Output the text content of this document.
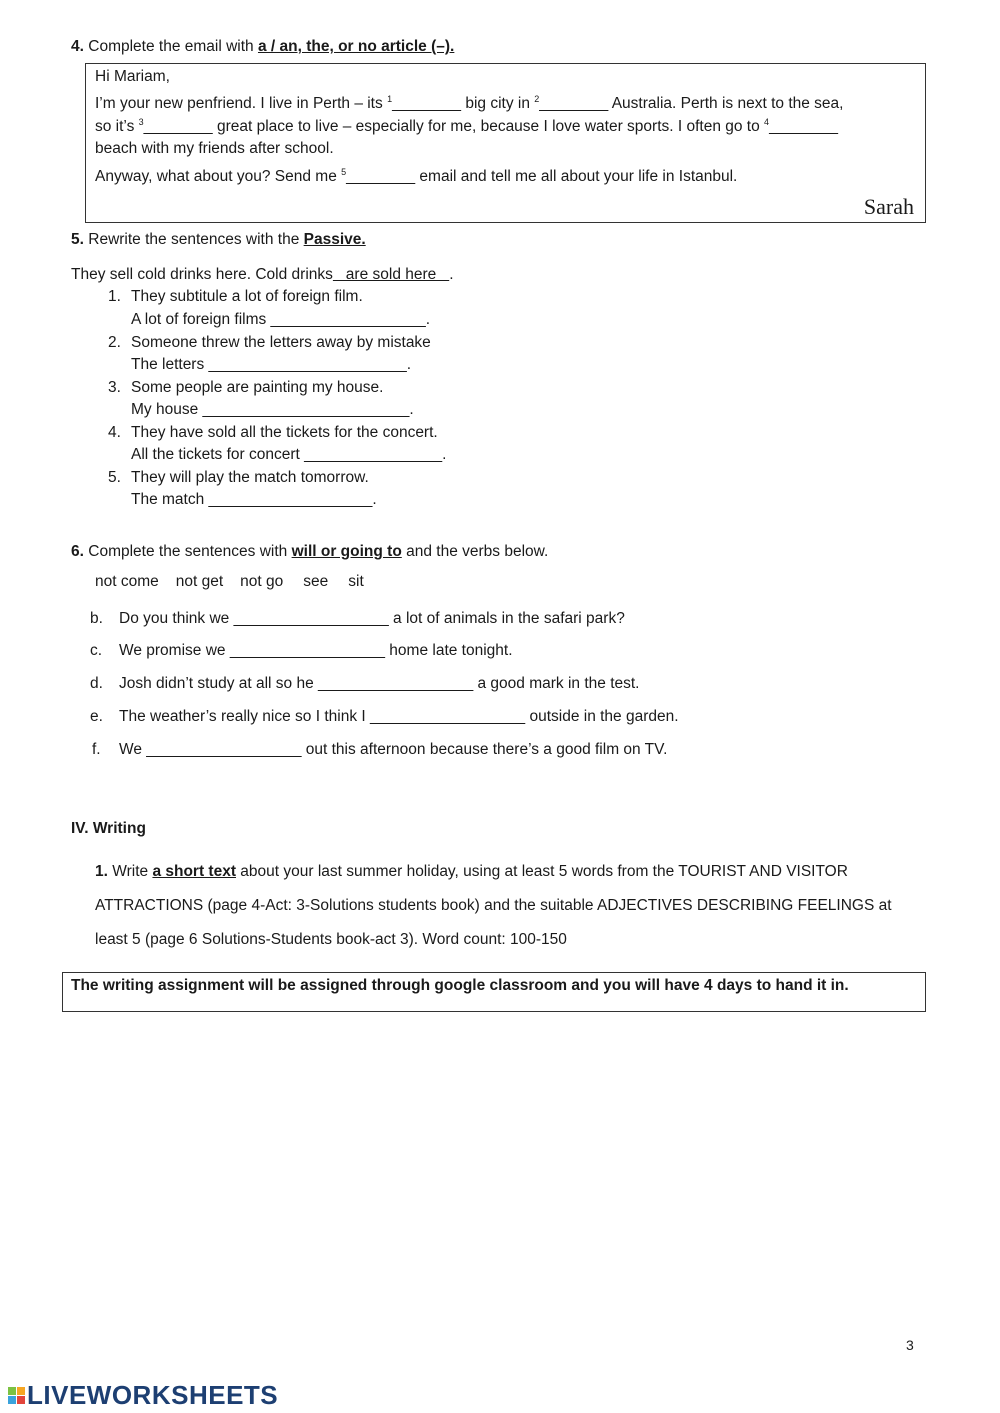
4. Complete the email with a / an, the, or no article (–).
Hi Mariam,
I’m your new penfriend. I live in Perth – its $^1$________ big city in $^2$________ Australia. Perth is next to the sea,
so it’s $^3$________ great place to live – especially for me, because I love water sports. I often go to $^4$________
beach with my friends after school.
Anyway, what about you? Send me $^5$________ email and tell me all about your life in Istanbul.
Sarah
5. Rewrite the sentences with the Passive.
They sell cold drinks here. Cold drinks   are sold here   .
1. They subtitule a lot of foreign film.
A lot of foreign films __________________.
2. Someone threw the letters away by mistake
The letters _______________________.
3. Some people are painting my house.
My house ________________________.
4. They have sold all the tickets for the concert.
All the tickets for concert ________________.
5. They will play the match tomorrow.
The match ___________________.
6. Complete the sentences with will or going to and the verbs below.
not come not get not go see sit
b. Do you think we __________________ a lot of animals in the safari park?
c. We promise we __________________ home late tonight.
d. Josh didn’t study at all so he __________________ a good mark in the test.
e. The weather’s really nice so I think I __________________ outside in the garden.
f. We __________________ out this afternoon because there’s a good film on TV.
IV. Writing
1. Write a short text about your last summer holiday, using at least 5 words from the TOURIST AND VISITOR
ATTRACTIONS (page 4-Act: 3-Solutions students book) and the suitable ADJECTIVES DESCRIBING FEELINGS at
least 5 (page 6 Solutions-Students book-act 3). Word count: 100-150
The writing assignment will be assigned through google classroom and you will have 4 days to hand it in.
3
LIVEWORKSHEETS
